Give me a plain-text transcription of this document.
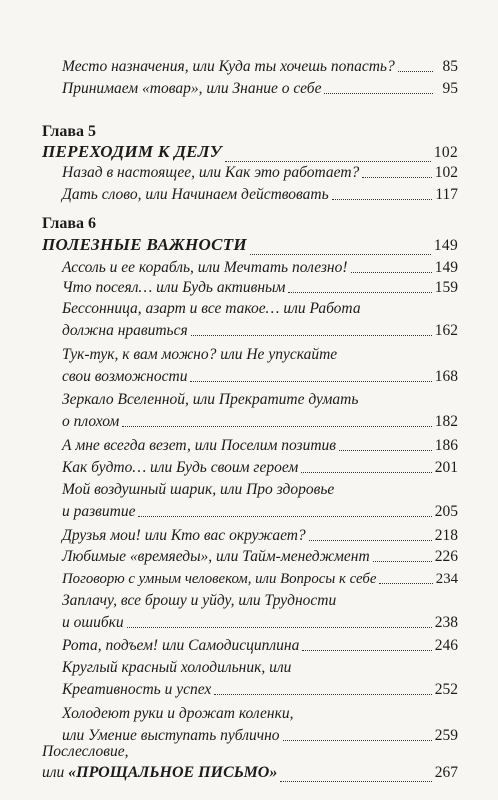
Место назначения, или Куда ты хочешь попасть?	85
Принимаем «товар», или Знание о себе	95
Глава 5
ПЕРЕХОДИМ К ДЕЛУ	102
Назад в настоящее, или Как это работает?	102
Дать слово, или Начинаем действовать	117
Глава 6
ПОЛЕЗНЫЕ ВАЖНОСТИ	149
Ассоль и ее корабль, или Мечтать полезно!	149
Что посеял… или Будь активным	159
Бессонница, азарт и все такое… или Работа
должна нравиться	162
Тук-тук, к вам можно? или Не упускайте
свои возможности	168
Зеркало Вселенной, или Прекратите думать
о плохом	182
А мне всегда везет, или Поселим позитив	186
Как будто… или Будь своим героем	201
Мой воздушный шарик, или Про здоровье
и развитие	205
Друзья мои! или Кто вас окружает?	218
Любимые «времяеды», или Тайм-менеджмент	226
Поговорю с умным человеком, или Вопросы к себе	234
Заплачу, все брошу и уйду, или Трудности
и ошибки	238
Рота, подъем! или Самодисциплина	246
Круглый красный холодильник, или
Креативность и успех	252
Холодеют руки и дрожат коленки,
или Умение выступать публично	259
Послесловие,
или «ПРОЩАЛЬНОЕ ПИСЬМО»	267
